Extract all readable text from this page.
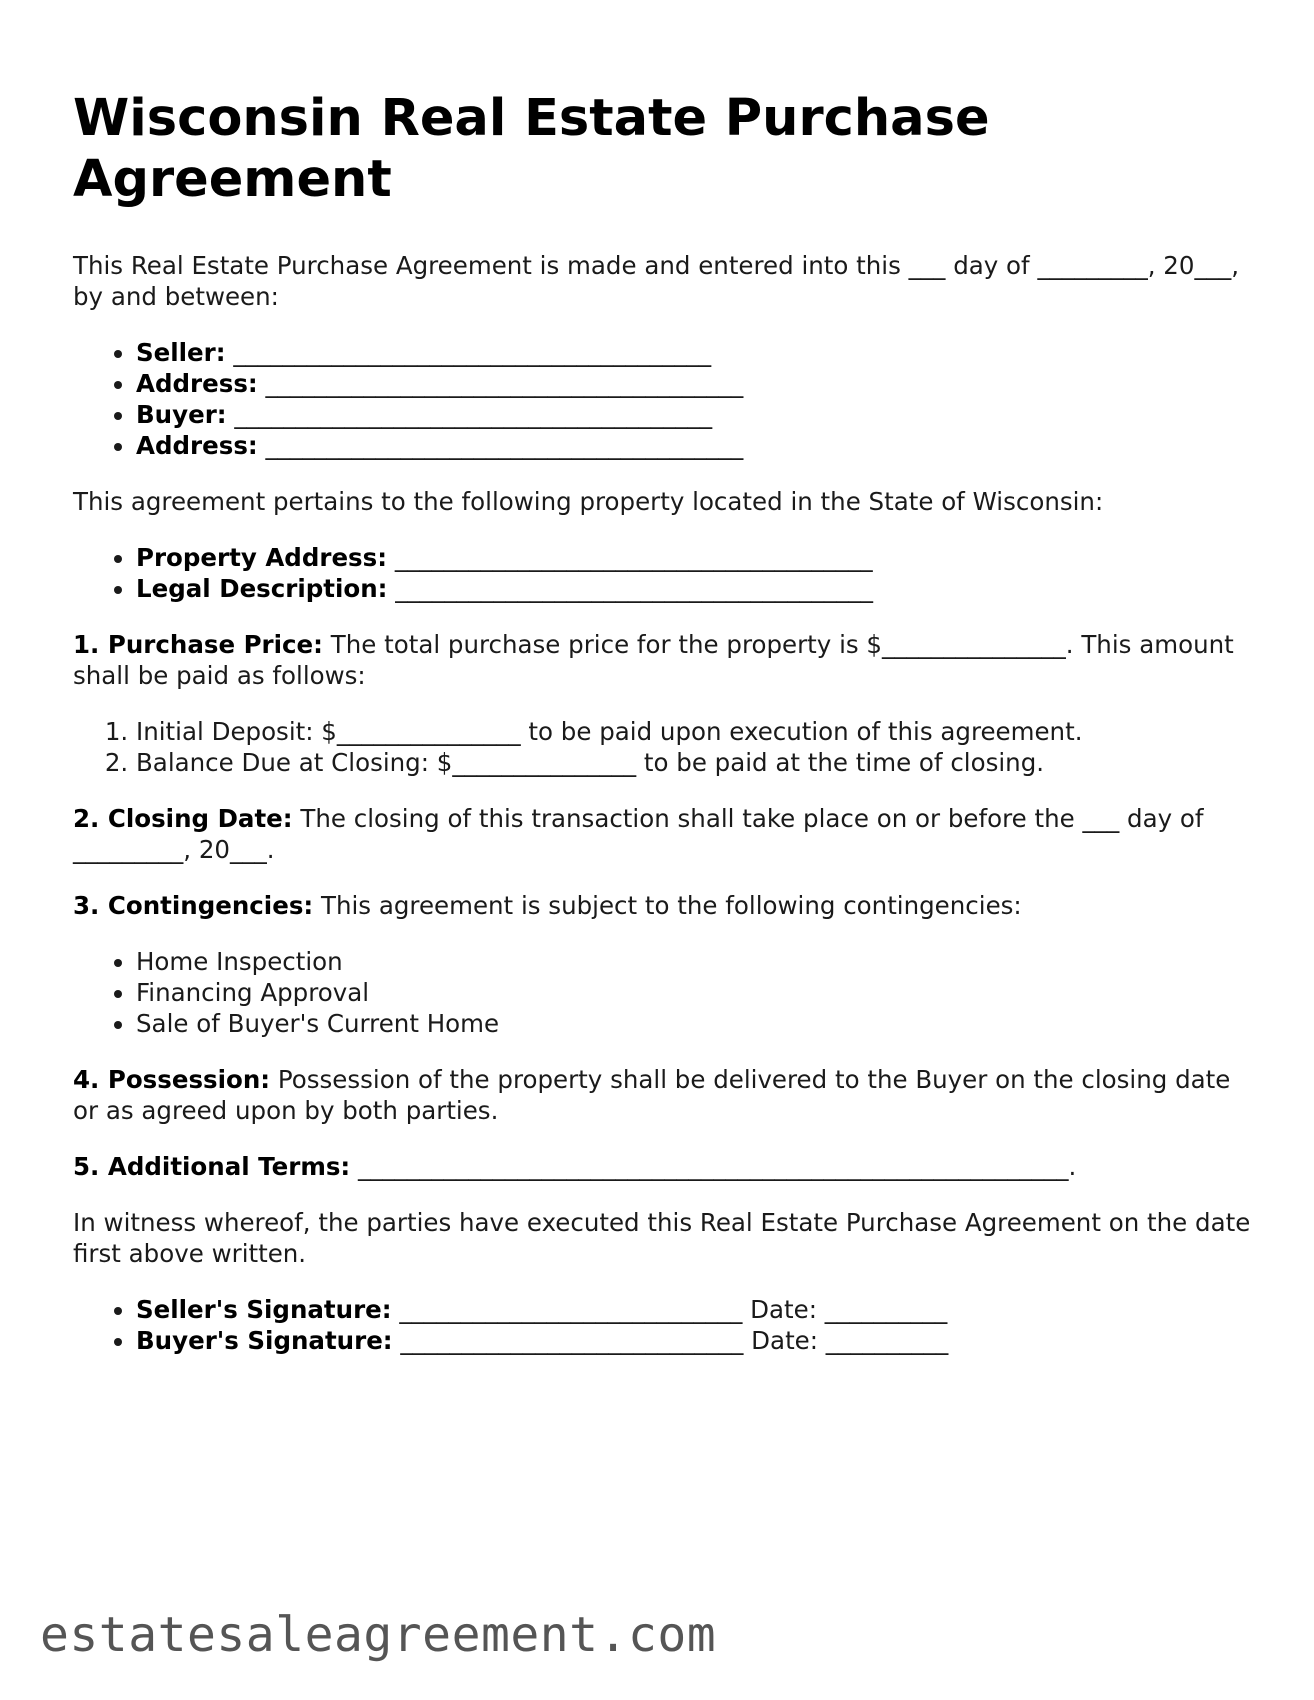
Wisconsin Real Estate Purchase Agreement

This Real Estate Purchase Agreement is made and entered into this ___ day of _________, 20___, by and between:

• Seller: _______________________________________
• Address: _______________________________________
• Buyer: _______________________________________
• Address: _______________________________________

This agreement pertains to the following property located in the State of Wisconsin:

• Property Address: _______________________________________
• Legal Description: _______________________________________

1. Purchase Price: The total purchase price for the property is $_______________. This amount shall be paid as follows:

1. Initial Deposit: $_______________ to be paid upon execution of this agreement.
2. Balance Due at Closing: $_______________ to be paid at the time of closing.

2. Closing Date: The closing of this transaction shall take place on or before the ___ day of _________, 20___.

3. Contingencies: This agreement is subject to the following contingencies:

• Home Inspection
• Financing Approval
• Sale of Buyer's Current Home

4. Possession: Possession of the property shall be delivered to the Buyer on the closing date or as agreed upon by both parties.

5. Additional Terms: __________________________________________________________.

In witness whereof, the parties have executed this Real Estate Purchase Agreement on the date first above written.

• Seller's Signature: ____________________________ Date: __________
• Buyer's Signature: ____________________________ Date: __________
estatesaleagreement.com
